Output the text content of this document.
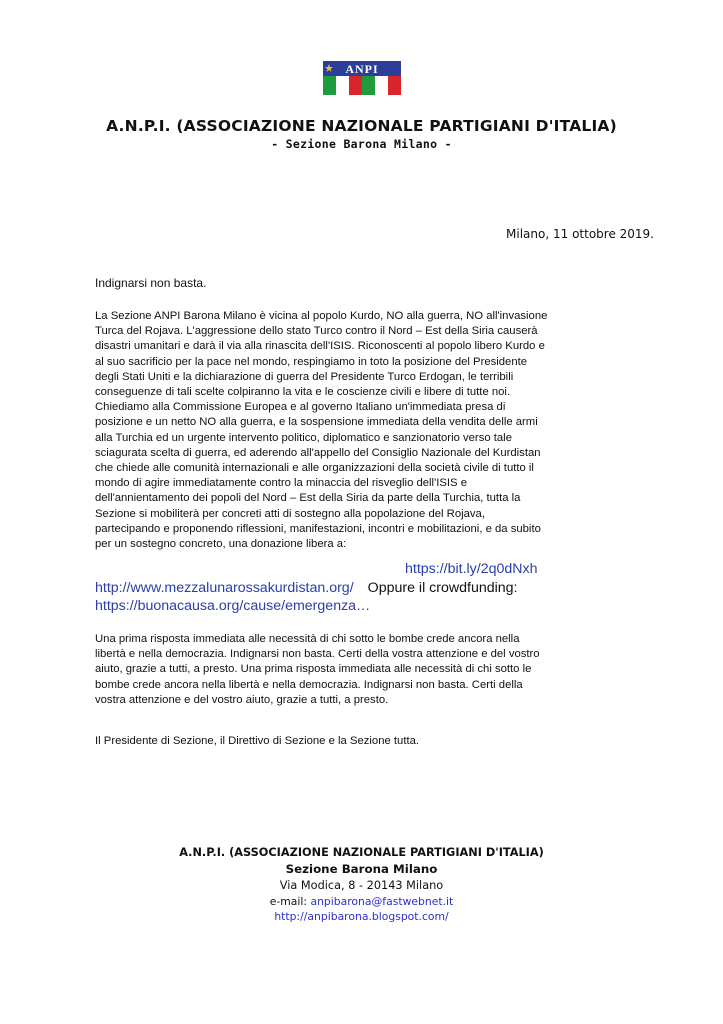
ANPI
A.N.P.I. (ASSOCIAZIONE NAZIONALE PARTIGIANI D'ITALIA)
- Sezione Barona Milano -
Milano, 11 ottobre 2019.
Indignarsi non basta.
La Sezione ANPI Barona Milano è vicina al popolo Kurdo, NO alla guerra, NO all'invasione
Turca del Rojava. L'aggressione dello stato Turco contro il Nord – Est della Siria causerà
disastri umanitari e darà il via alla rinascita dell'ISIS. Riconoscenti al popolo libero Kurdo e
al suo sacrificio per la pace nel mondo, respingiamo in toto la posizione del Presidente
degli Stati Uniti e la dichiarazione di guerra del Presidente Turco Erdogan, le terribili
conseguenze di tali scelte colpiranno la vita e le coscienze civili e libere di tutte noi.
Chiediamo alla Commissione Europea e al governo Italiano un'immediata presa di
posizione e un netto NO alla guerra, e la sospensione immediata della vendita delle armi
alla Turchia ed un urgente intervento politico, diplomatico e sanzionatorio verso tale
sciagurata scelta di guerra, ed aderendo all'appello del Consiglio Nazionale del Kurdistan
che chiede alle comunità internazionali e alle organizzazioni della società civile di tutto il
mondo di agire immediatamente contro la minaccia del risveglio dell'ISIS e
dell'annientamento dei popoli del Nord – Est della Siria da parte della Turchia, tutta la
Sezione si mobiliterà per concreti atti di sostegno alla popolazione del Rojava,
partecipando e proponendo riflessioni, manifestazioni, incontri e mobilitazioni, e da subito
per un sostegno concreto, una donazione libera a:
https://bit.ly/2q0dNxh
http://www.mezzalunarossakurdistan.org/ Oppure il crowdfunding:
https://buonacausa.org/cause/emergenza…
Una prima risposta immediata alle necessità di chi sotto le bombe crede ancora nella
libertà e nella democrazia. Indignarsi non basta. Certi della vostra attenzione e del vostro
aiuto, grazie a tutti, a presto. Una prima risposta immediata alle necessità di chi sotto le
bombe crede ancora nella libertà e nella democrazia. Indignarsi non basta. Certi della
vostra attenzione e del vostro aiuto, grazie a tutti, a presto.
Il Presidente di Sezione, il Direttivo di Sezione e la Sezione tutta.
A.N.P.I. (ASSOCIAZIONE NAZIONALE PARTIGIANI D'ITALIA)
Sezione Barona Milano
Via Modica, 8 - 20143 Milano
e-mail: anpibarona@fastwebnet.it
http://anpibarona.blogspot.com/
